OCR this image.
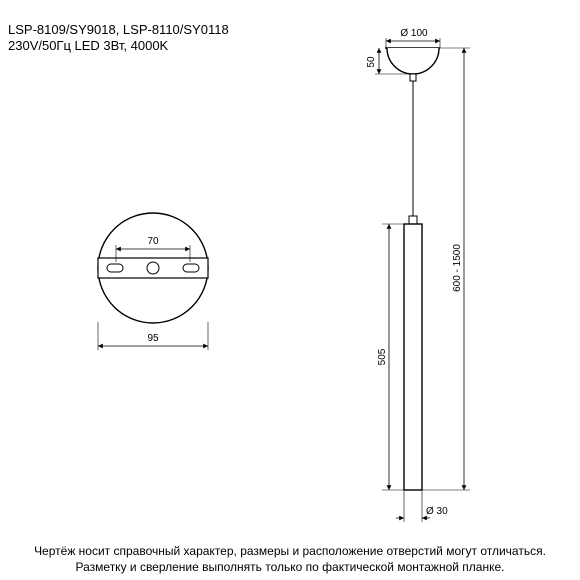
LSP-8109/SY9018, LSP-8110/SY0118
230V/50Гц LED 3Вт, 4000K
70
95
Ø 100
50
600 - 1500
505
Ø 30
Чертёж носит справочный характер, размеры и расположение отверстий могут отличаться.
Разметку и сверление выполнять только по фактической монтажной планке.
